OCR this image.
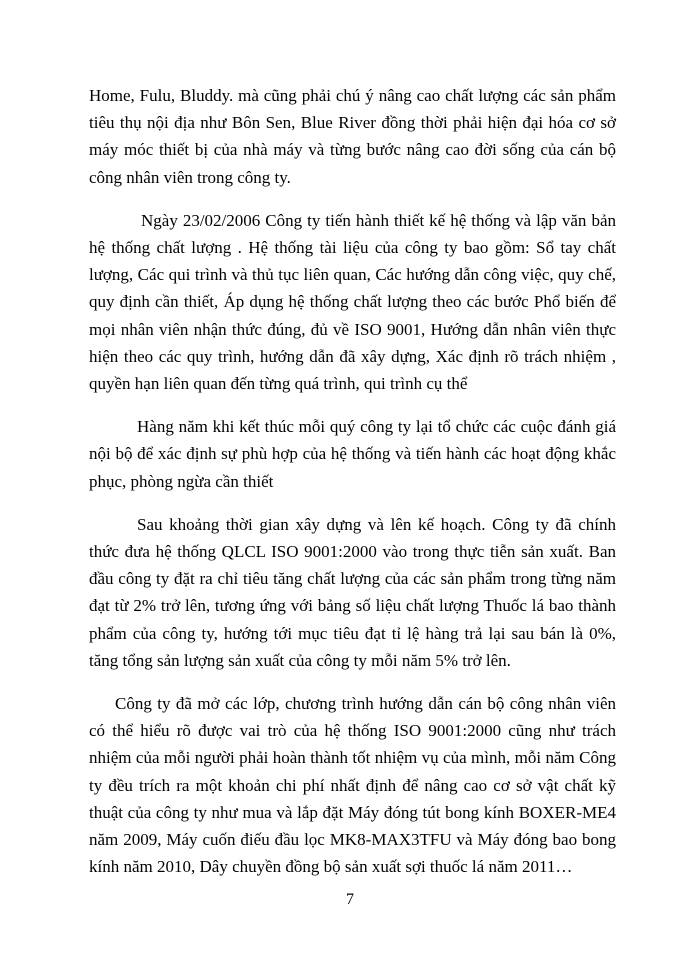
Home, Fulu, Bluddy. mà cũng phải chú ý nâng cao chất lượng các sản phẩm tiêu thụ nội địa như Bôn Sen, Blue River đồng thời phải hiện đại hóa cơ sở máy móc thiết bị của nhà máy và từng bước nâng cao đời sống của cán bộ công nhân viên trong công ty.

Ngày 23/02/2006 Công ty tiến hành thiết kế hệ thống và lập văn bản hệ thống chất lượng . Hệ thống tài liệu của công ty bao gồm: Sổ tay chất lượng, Các qui trình và thủ tục liên quan, Các hướng dẫn công việc, quy chế, quy định cần thiết, Áp dụng hệ thống chất lượng theo các bước Phổ biến để mọi nhân viên nhận thức đúng, đủ về ISO 9001, Hướng dẫn nhân viên thực hiện theo các quy trình, hướng dẫn đã xây dựng, Xác định rõ trách nhiệm , quyền hạn liên quan đến từng quá trình, qui trình cụ thể

Hàng năm khi kết thúc mỗi quý công ty lại tổ chức các cuộc đánh giá nội bộ để xác định sự phù hợp của hệ thống và tiến hành các hoạt động khắc phục, phòng ngừa cần thiết

Sau khoảng thời gian xây dựng và lên kế hoạch. Công ty đã chính thức đưa hệ thống QLCL ISO 9001:2000 vào trong thực tiễn sản xuất. Ban đầu công ty đặt ra chỉ tiêu tăng chất lượng của các sản phẩm trong từng năm đạt từ 2% trở lên, tương ứng với bảng số liệu chất lượng Thuốc lá bao thành phẩm của công ty, hướng tới mục tiêu đạt tỉ lệ hàng trả lại sau bán là 0%, tăng tổng sản lượng sản xuất của công ty mỗi năm 5% trở lên.

Công ty đã mở các lớp, chương trình hướng dẫn cán bộ công nhân viên có thể hiểu rõ được vai trò của hệ thống ISO 9001:2000 cũng như trách nhiệm của mỗi người phải hoàn thành tốt nhiệm vụ của mình, mỗi năm Công ty đều trích ra một khoản chi phí nhất định để nâng cao cơ sở vật chất kỹ thuật của công ty như mua và lắp đặt Máy đóng tút bong kính BOXER-ME4 năm 2009, Máy cuốn điếu đầu lọc MK8-MAX3TFU và Máy đóng bao bong kính năm 2010, Dây chuyền đồng bộ sản xuất sợi thuốc lá năm 2011…

7
